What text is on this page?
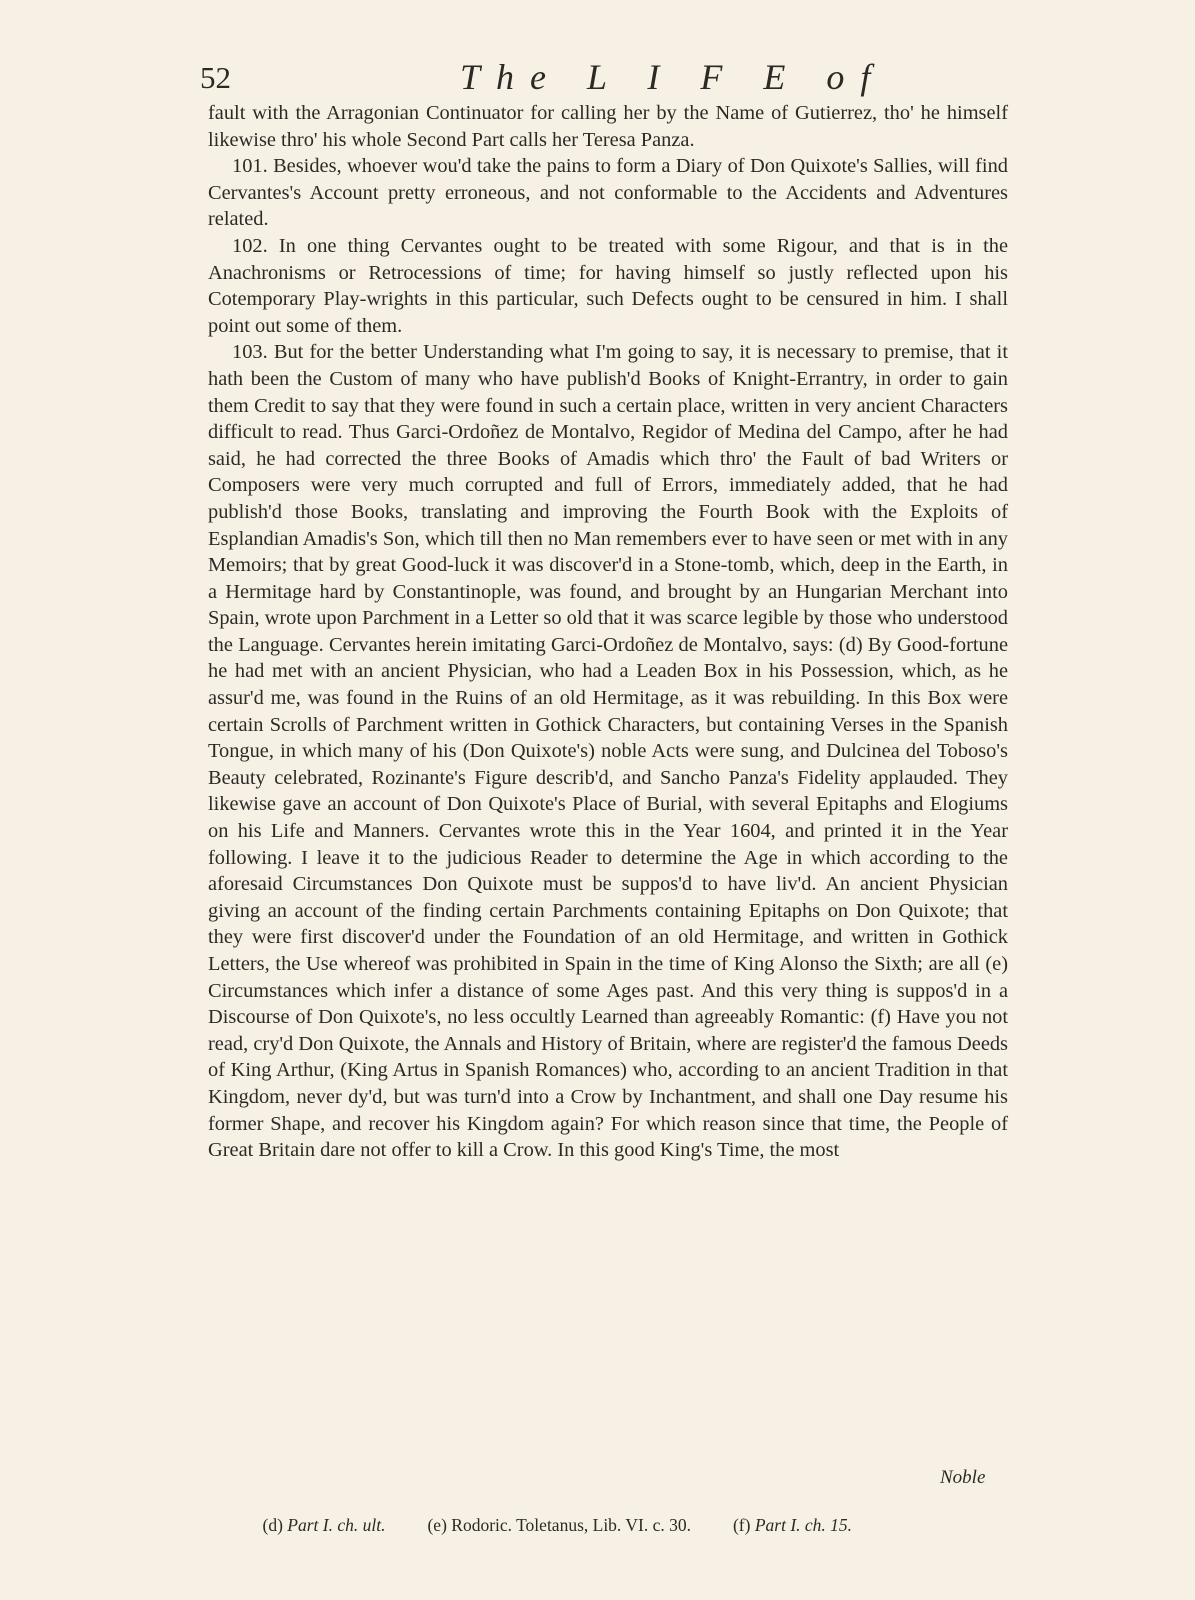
52	The L I F E of

fault with the Arragonian Continuator for calling her by the Name of Gutierrez, tho' he himself likewise thro' his whole Second Part calls her Teresa Panza.

101. Besides, whoever wou'd take the pains to form a Diary of Don Quixote's Sallies, will find Cervantes's Account pretty erroneous, and not conformable to the Accidents and Adventures related.

102. In one thing Cervantes ought to be treated with some Rigour, and that is in the Anachronisms or Retrocessions of time; for having himself so justly reflected upon his Cotemporary Play-wrights in this particular, such Defects ought to be censured in him. I shall point out some of them.

103. But for the better Understanding what I'm going to say, it is necessary to premise, that it hath been the Custom of many who have publish'd Books of Knight-Errantry, in order to gain them Credit to say that they were found in such a certain place, written in very ancient Characters difficult to read. Thus Garci-Ordoñez de Montalvo, Regidor of Medina del Campo, after he had said, he had corrected the three Books of Amadis which thro' the Fault of bad Writers or Composers were very much corrupted and full of Errors, immediately added, that he had publish'd those Books, translating and improving the Fourth Book with the Exploits of Esplandian Amadis's Son, which till then no Man remembers ever to have seen or met with in any Memoirs; that by great Good-luck it was discover'd in a Stone-tomb, which, deep in the Earth, in a Hermitage hard by Constantinople, was found, and brought by an Hungarian Merchant into Spain, wrote upon Parchment in a Letter so old that it was scarce legible by those who understood the Language. Cervantes herein imitating Garci-Ordoñez de Montalvo, says: (d) By Good-fortune he had met with an ancient Physician, who had a Leaden Box in his Possession, which, as he assur'd me, was found in the Ruins of an old Hermitage, as it was rebuilding. In this Box were certain Scrolls of Parchment written in Gothick Characters, but containing Verses in the Spanish Tongue, in which many of his (Don Quixote's) noble Acts were sung, and Dulcinea del Toboso's Beauty celebrated, Rozinante's Figure describ'd, and Sancho Panza's Fidelity applauded. They likewise gave an account of Don Quixote's Place of Burial, with several Epitaphs and Elogiums on his Life and Manners. Cervantes wrote this in the Year 1604, and printed it in the Year following. I leave it to the judicious Reader to determine the Age in which according to the aforesaid Circumstances Don Quixote must be suppos'd to have liv'd. An ancient Physician giving an account of the finding certain Parchments containing Epitaphs on Don Quixote; that they were first discover'd under the Foundation of an old Hermitage, and written in Gothick Letters, the Use whereof was prohibited in Spain in the time of King Alonso the Sixth; are all (e) Circumstances which infer a distance of some Ages past. And this very thing is suppos'd in a Discourse of Don Quixote's, no less occultly Learned than agreeably Romantic: (f) Have you not read, cry'd Don Quixote, the Annals and History of Britain, where are register'd the famous Deeds of King Arthur, (King Artus in Spanish Romances) who, according to an ancient Tradition in that Kingdom, never dy'd, but was turn'd into a Crow by Inchantment, and shall one Day resume his former Shape, and recover his Kingdom again? For which reason since that time, the People of Great Britain dare not offer to kill a Crow. In this good King's Time, the most

Noble

(d) Part I. ch. ult. (e) Rodoric. Toletanus, Lib. VI. c. 30. (f) Part I. ch. 15.
